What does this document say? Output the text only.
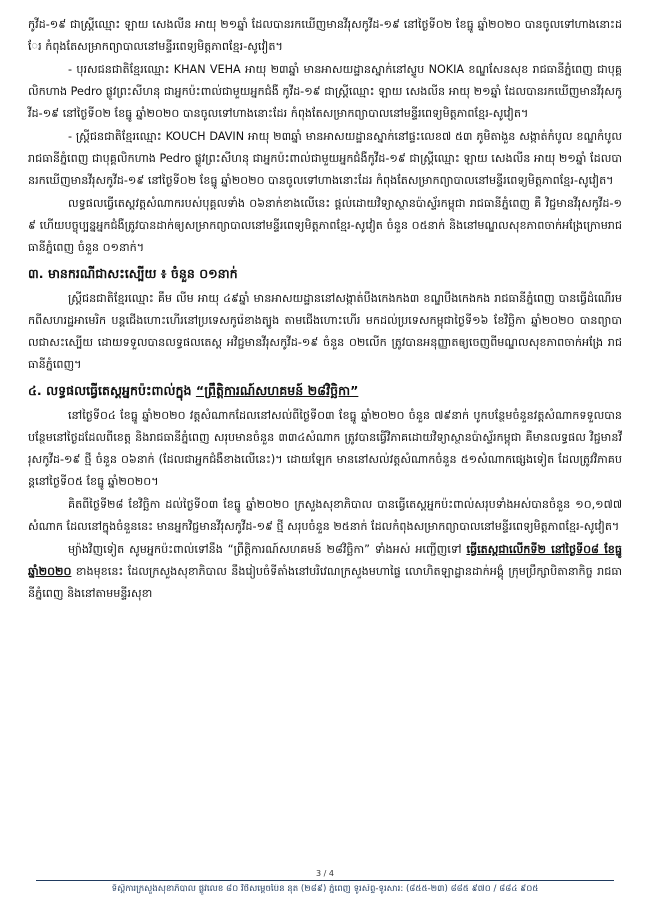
កូវីដ-១៩ ជាស្ត្រីឈ្មោះ ឡាយ សេងលីន អាយុ ២១ឆ្នាំ ដែលបានរកឃើញមានវីរុសកូវីដ-១៩ នៅថ្ងៃទី០២ ខែធ្នូ ឆ្នាំ២០២០ បានចូលទៅហាងនោះដែរ កំពុងតែសម្រាកព្យាបាលនៅមន្ទីរពេទ្យមិត្តភាពខ្មែរ-សូវៀត។

- បុរសជនជាតិខ្មែរឈ្មោះ KHAN VEHA អាយុ ២៣ឆ្នាំ មានអាសយដ្ឋានស្នាក់នៅស្ទូប NOKIA ខណ្ឌសែនសុខ រាជធានីភ្នំពេញ ជាបុគ្គលិកហាង Pedro ផ្លូវព្រះសីហនុ ជាអ្នកប៉ះពាល់ជាមួយអ្នកជំងឺ កូវីដ-១៩ ជាស្ត្រីឈ្មោះ ឡាយ សេងលីន អាយុ ២១ឆ្នាំ ដែលបានរកឃើញមានវីរុសកូវីដ-១៩ នៅថ្ងៃទី០២ ខែធ្នូ ឆ្នាំ២០២០ បានចូលទៅហាងនោះដែរ កំពុងតែសម្រាកព្យាបាលនៅមន្ទីរពេទ្យមិត្តភាពខ្មែរ-សូវៀត។

- ស្ត្រីជនជាតិខ្មែរឈ្មោះ KOUCH DAVIN អាយុ ២៣ឆ្នាំ មានអាសយដ្ឋានស្នាក់នៅផ្ទះលេខ៧ ៥៣ ភូមិតាងួន សង្កាត់កំបូល ខណ្ឌកំបូល រាជធានីភ្នំពេញ ជាបុគ្គលិកហាង Pedro ផ្លូវព្រះសីហនុ ជាអ្នកប៉ះពាល់ជាមួយអ្នកជំងឺកូវីដ-១៩ ជាស្ត្រីឈ្មោះ ឡាយ សេងលីន អាយុ ២១ឆ្នាំ ដែលបានរកឃើញមានវីរុសកូវីដ-១៩ នៅថ្ងៃទី០២ ខែធ្នូ ឆ្នាំ២០២០ បានចូលទៅហាងនោះដែរ កំពុងតែសម្រាកព្យាបាលនៅមន្ទីរពេទ្យមិត្តភាពខ្មែរ-សូវៀត។

លទ្ធផលធ្វើតេស្តវត្តសំណាករបស់បុគ្គលទាំង ០៦នាក់ខាងលើនេះ ផ្តល់ដោយវិទ្យាស្ថានប៉ាស្ទ័រកម្ពុជា រាជធានីភ្នំពេញ គឺ វិជ្ជមានវីរុសកូវីដ-១៩ ហើយបច្ចុប្បន្នអ្នកជំងឺត្រូវបានដាក់ឲ្យសម្រាកព្យាបាលនៅមន្ទីរពេទ្យមិត្តភាពខ្មែរ-សូវៀត ចំនួន ០៥នាក់ និងនៅមណ្ឌលសុខភាពចាក់អង្រែក្រោមរាជធានីភ្នំពេញ ចំនួន ០១នាក់។

៣. មានករណីជាសះស្បើយ ៖ ចំនួន ០១នាក់

ស្ត្រីជនជាតិខ្មែរឈ្មោះ គឹម លីម អាយុ ៤៩ឆ្នាំ មានអាសយដ្ឋាននៅសង្កាត់បឹងកេងកង៣ ខណ្ឌបឹងកេងកង រាជធានីភ្នំពេញ បានធ្វើដំណើរមកពីសហរដ្ឋអាមេរិក បន្តជើងហោះហើរនៅប្រទេសកូរ៉េខាងត្បូង តាមជើងហោះហើរ មកដល់ប្រទេសកម្ពុជាថ្ងៃទី១៦ ខែវិច្ឆិកា ឆ្នាំ២០២០ បានព្យាបាលជាសះស្បើយ ដោយទទួលបានលទ្ធផលតេស្ត អវិជ្ជមានវីរុសកូវីដ-១៩ ចំនួន ០២លើក ត្រូវបានអនុញ្ញាតឲ្យចេញពីមណ្ឌលសុខភាពចាក់អង្រែ រាជធានីភ្នំពេញ។

៤. លទ្ធផលធ្វើតេស្តអ្នកប៉ះពាល់ក្នុង “ព្រឹត្តិការណ៍សហគមន៍ ២៨វិច្ឆិកា”

នៅថ្ងៃទី០៤ ខែធ្នូ ឆ្នាំ២០២០ វត្តសំណាកដែលនៅសល់ពីថ្ងៃទី០៣ ខែធ្នូ ឆ្នាំ២០២០ ចំនួន ៧៩នាក់ បូកបន្ថែមចំនួនវត្តសំណាកទទួលបានបន្ថែមនៅថ្ងៃដដែលពីខេត្ត និងរាជធានីភ្នំពេញ សរុបមានចំនួន ៣៣៤សំណាក ត្រូវបានធ្វើវិភាគដោយវិទ្យាស្ថានប៉ាស្ទ័រកម្ពុជា គឺមានលទ្ធផល វិជ្ជមានវីរុសកូវីដ-១៩ ថ្មី ចំនួន ០៦នាក់ (ដែលជាអ្នកជំងឺខាងលើនេះ)។ ដោយឡែក មាននៅសល់វត្តសំណាកចំនួន ៥១សំណាកផ្សេងទៀត ដែលត្រូវវិភាគបន្តនៅថ្ងៃទី០៥ ខែធ្នូ ឆ្នាំ២០២០។

គិតពីថ្ងៃទី២៨ ខែវិច្ឆិកា ដល់ថ្ងៃទី០៣ ខែធ្នូ ឆ្នាំ២០២០ ក្រសួងសុខាភិបាល បានធ្វើតេស្តអ្នកប៉ះពាល់សរុបទាំងអស់បានចំនួន ១០,១៧៧សំណាក ដែលនៅក្នុងចំនួននេះ មានអ្នកវិជ្ជមានវីរុសកូវីដ-១៩ ថ្មី សរុបចំនួន ២៥នាក់ ដែលកំពុងសម្រាកព្យាបាលនៅមន្ទីរពេទ្យមិត្តភាពខ្មែរ-សូវៀត។

ម្យ៉ាងវិញទៀត សូមអ្នកប៉ះពាល់ទៅនឹង “ព្រឹត្តិការណ៍សហគមន៍ ២៨វិច្ឆិកា” ទាំងអស់ អញ្ជើញទៅ ធ្វើតេស្តជាលើកទី២ នៅថ្ងៃទី០៨ ខែធ្នូ ឆ្នាំ២០២០ ខាងមុខនេះ ដែលក្រសួងសុខាភិបាល នឹងរៀបចំទីតាំងនៅបរិវេណក្រសួងមហាផ្ទៃ លោហិតឡាដ្ឋានដាក់អង្គុំ ក្រុមប្រឹក្សាបិតានាកិច្ច រាជធានីភ្នំពេញ និងនៅតាមមន្ទីរសុខា

3 / 4
ទីស្តីការក្រសួងសុខាភិបាល ផ្លូវលេខ ៨០ វិថីសម្តេចប៉ែន នុត (២៨៩) ភ្នំពេញ ទូរស័ព្ទ-ទូរសារ: (៨៥៥-២៣) ៨៨៥ ៩៧០ / ៨៨៤ ៩០៥
